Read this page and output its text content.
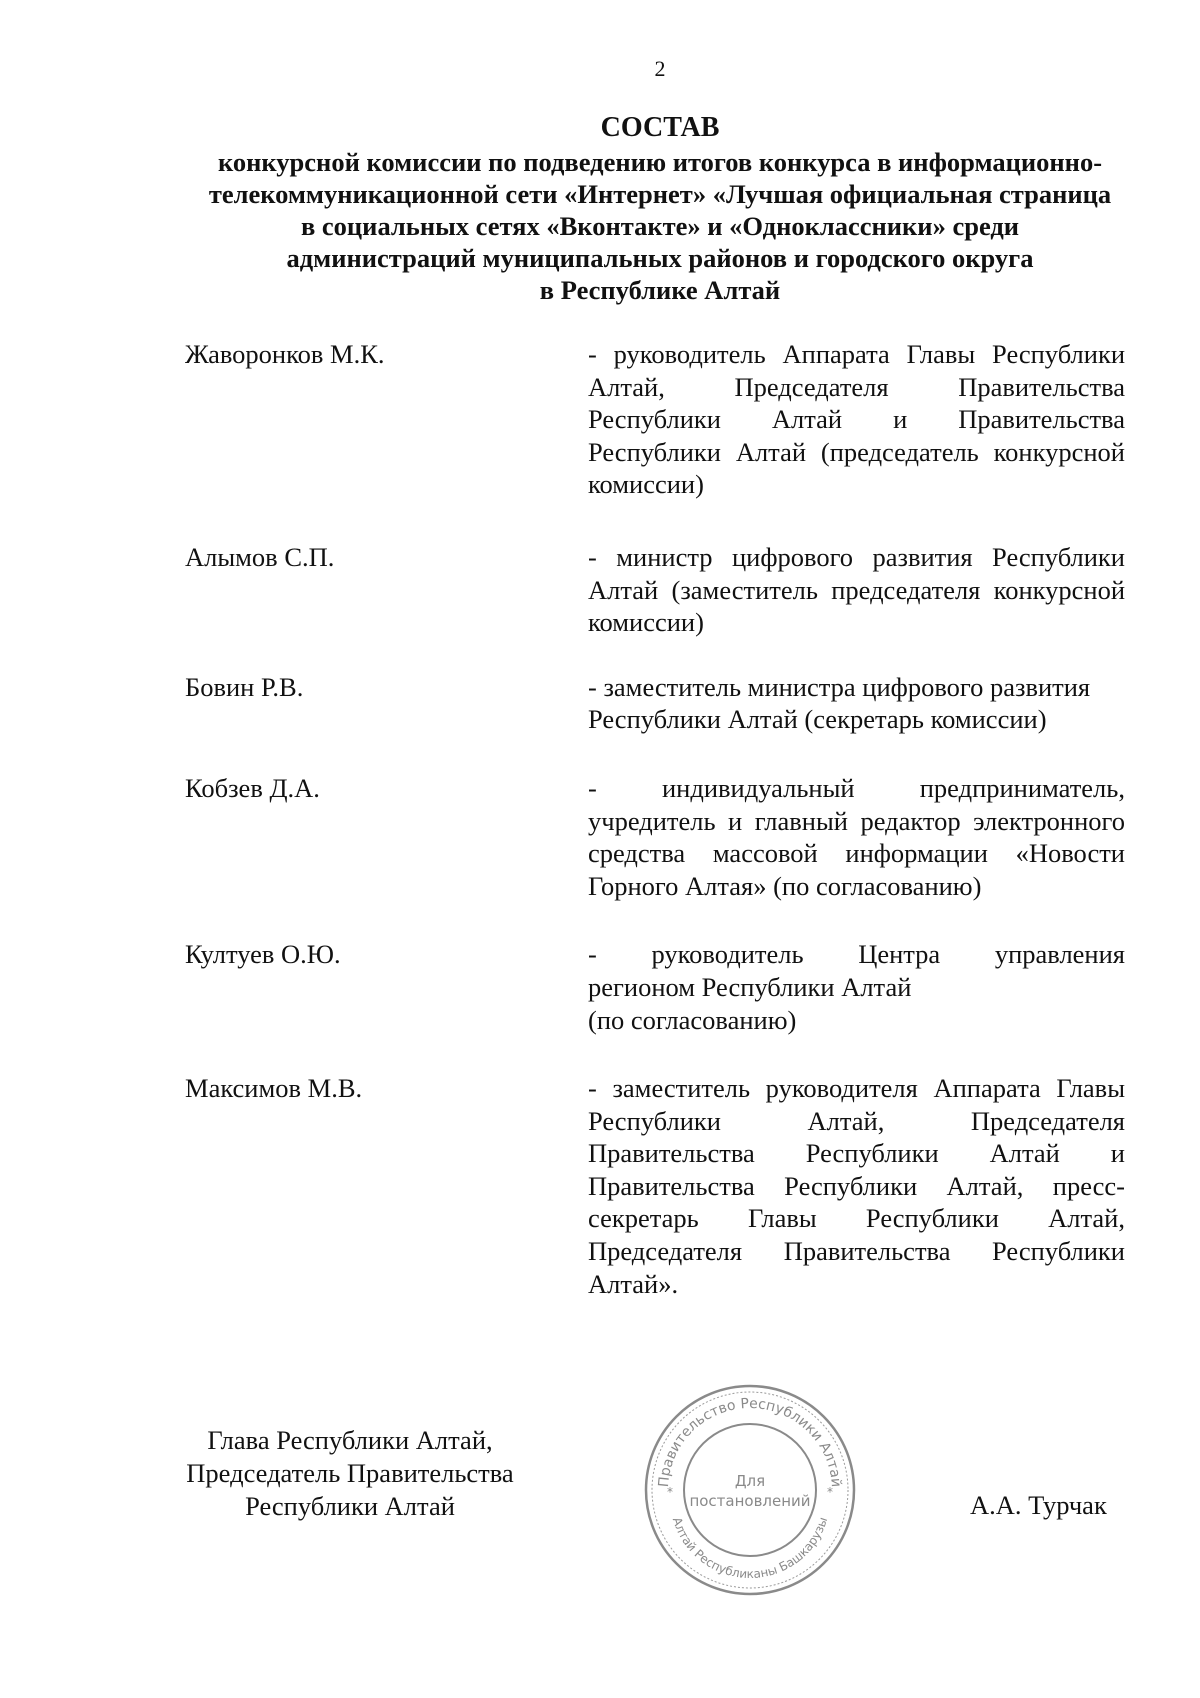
2
СОСТАВ
конкурсной комиссии по подведению итогов конкурса в информационно-
телекоммуникационной сети «Интернет» «Лучшая официальная страница
в социальных сетях «Вконтакте» и «Одноклассники» среди
администраций муниципальных районов и городского округа
в Республике Алтай
Жаворонков М.К.	- руководитель Аппарата Главы Республики Алтай, Председателя Правительства Республики Алтай и Правительства Республики Алтай (председатель конкурсной комиссии)
Алымов С.П.	- министр цифрового развития Республики Алтай (заместитель председателя конкурсной комиссии)
Бовин Р.В.	- заместитель министра цифрового развития Республики Алтай (секретарь комиссии)
Кобзев Д.А.	- индивидуальный предприниматель, учредитель и главный редактор электронного средства массовой информации «Новости Горного Алтая» (по согласованию)
Култуев О.Ю.	- руководитель Центра управления
регионом Республики Алтай
(по согласованию)
Максимов М.В.	- заместитель руководителя Аппарата Главы Республики Алтай, Председателя Правительства Республики Алтай и Правительства Республики Алтай, пресс-секретарь Главы Республики Алтай, Председателя Правительства Республики Алтай».
Глава Республики Алтай,
Председатель Правительства
Республики Алтай
Правительство Республики Алтай
Алтай Республиканы Башкарузы
Для
постановлений
*	*	А.А. Турчак
